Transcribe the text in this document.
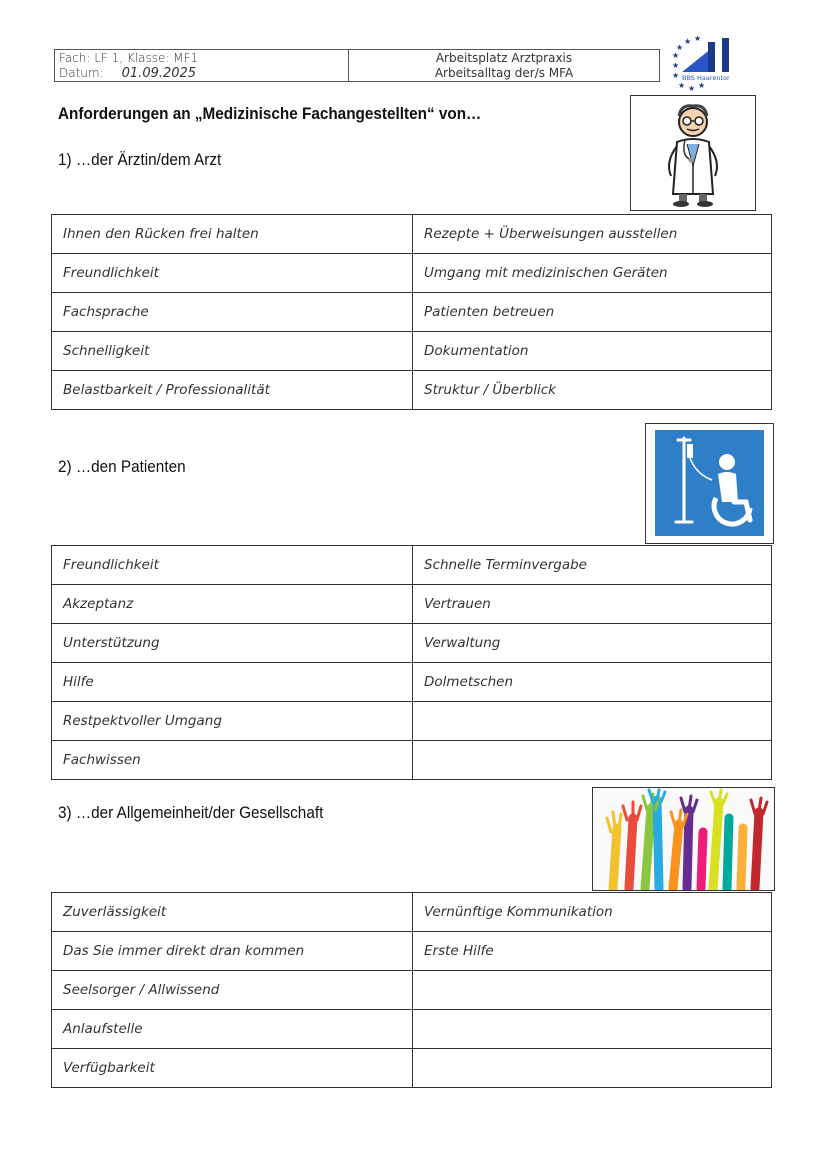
Fach: LF 1, Klasse: MF1
Datum: 01.09.2025
Arbeitsplatz Arztpraxis
Arbeitsalltag der/s MFA
★
★
★ ★
★
★
★ ★ ★
BBS Haarentor
Anforderungen an „Medizinische Fachangestellten“ von…
1) …der Ärztin/dem Arzt
Ihnen den Rücken frei halten	Rezepte + Überweisungen ausstellen
Freundlichkeit	Umgang mit medizinischen Geräten
Fachsprache	Patienten betreuen
Schnelligkeit	Dokumentation
Belastbarkeit / Professionalität	Struktur / Überblick
2) …den Patienten
Freundlichkeit	Schnelle Terminvergabe
Akzeptanz	Vertrauen
Unterstützung	Verwaltung
Hilfe	Dolmetschen
Restpektvoller Umgang	
Fachwissen	
3) …der Allgemeinheit/der Gesellschaft
Zuverlässigkeit	Vernünftige Kommunikation
Das Sie immer direkt dran kommen	Erste Hilfe
Seelsorger / Allwissend	
Anlaufstelle	
Verfügbarkeit	
